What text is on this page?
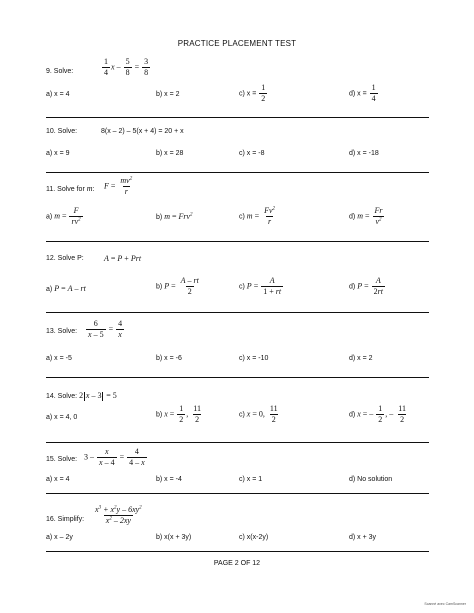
PRACTICE PLACEMENT TEST
9. Solve:	$\frac{1}{4}$ $x - \frac{5}{8} = \frac{3}{8}$
a) x = 4	b) x = 2	c) $x = \frac{1}{2}$	d) $x = \frac{1}{4}$
10. Solve:	8(x – 2) – 5(x + 4) = 20 + x
a) x = 9	b) x = 28	c) x = -8	d) x = -18
11. Solve for m: $F = \frac{mv^2}{r}$
a) $m = \frac{F}{rv^2}$	b) m = Frv$^2$	c) $m = \frac{Fv^2}{r}$	d) $m = \frac{Fr}{v^2}$
12. Solve P:	A = P + Prt
a) P = A – rt	b) $P = \frac{A - rt}{2}$	c) $P = \frac{A}{1 + rt}$	d) $P = \frac{A}{2rt}$
13. Solve: $\frac{6}{x - 5} = \frac{4}{x}$
a) x = -5	b) x = -6	c) x = -10	d) x = 2
14. Solve: 2 x – 3 = 5
a) x = 4, 0	b) $x = \frac{1}{2}$ , $\frac{11}{2}$	c) x = 0, $\frac{11}{2}$	d) x = – $\frac{1}{2}$ , – $\frac{11}{2}$
15. Solve: $3 - \frac{x}{x - 4} = \frac{4}{4 - x}$
a) x = 4	b) x = -4	c) x = 1	d) No solution
16. Simplify: $\frac{x^3 + x^2y - 6xy^2}{x^2 - 2xy}$
a) x – 2y	b) x(x + 3y)	c) x(x-2y)	d) x + 3y
PAGE 2 OF 12
Scanné avec CamScanner
